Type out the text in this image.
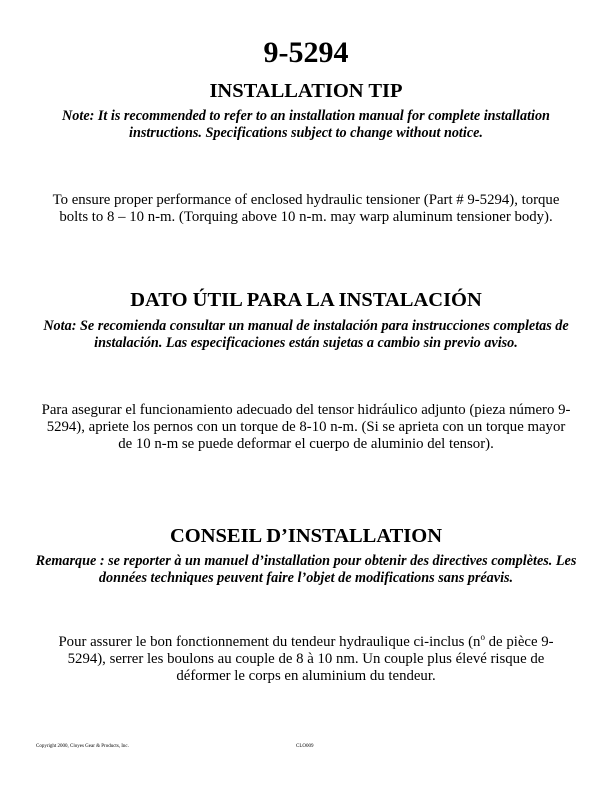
9-5294
INSTALLATION TIP
Note: It is recommended to refer to an installation manual for complete installation instructions. Specifications subject to change without notice.
To ensure proper performance of enclosed hydraulic tensioner (Part # 9-5294), torque bolts to 8 – 10 n-m. (Torquing above 10 n-m. may warp aluminum tensioner body).
DATO ÚTIL PARA LA INSTALACIÓN
Nota: Se recomienda consultar un manual de instalación para instrucciones completas de instalación. Las especificaciones están sujetas a cambio sin previo aviso.
Para asegurar el funcionamiento adecuado del tensor hidráulico adjunto (pieza número 9-5294), apriete los pernos con un torque de 8-10 n-m. (Si se aprieta con un torque mayor de 10 n-m se puede deformar el cuerpo de aluminio del tensor).
CONSEIL D’INSTALLATION
Remarque : se reporter à un manuel d’installation pour obtenir des directives complètes. Les données techniques peuvent faire l’objet de modifications sans préavis.
Pour assurer le bon fonctionnement du tendeur hydraulique ci-inclus ($n^o$ de pièce 9-5294), serrer les boulons au couple de 8 à 10 nm. Un couple plus élevé risque de déformer le corps en aluminium du tendeur.
Copyright 2000, Cloyes Gear & Products, Inc.	CLO009
